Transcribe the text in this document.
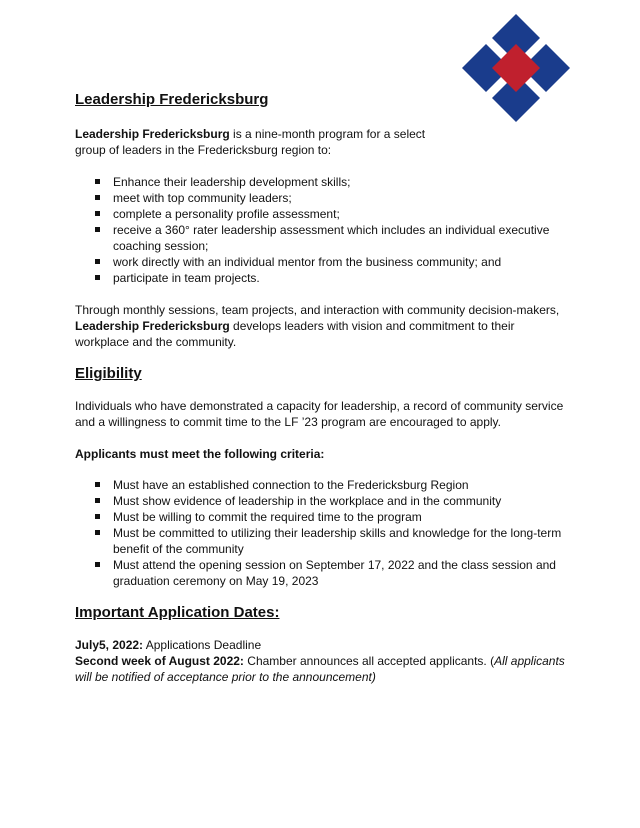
Leadership Fredericksburg

Leadership Fredericksburg is a nine-month program for a select
group of leaders in the Fredericksburg region to:

Enhance their leadership development skills;
meet with top community leaders;
complete a personality profile assessment;
receive a 360° rater leadership assessment which includes an individual executive coaching session;
work directly with an individual mentor from the business community; and
participate in team projects.

Through monthly sessions, team projects, and interaction with community decision-makers, Leadership Fredericksburg develops leaders with vision and commitment to their workplace and the community.

Eligibility

Individuals who have demonstrated a capacity for leadership, a record of community service and a willingness to commit time to the LF ’23 program are encouraged to apply.

Applicants must meet the following criteria:

Must have an established connection to the Fredericksburg Region
Must show evidence of leadership in the workplace and in the community
Must be willing to commit the required time to the program
Must be committed to utilizing their leadership skills and knowledge for the long-term benefit of the community
Must attend the opening session on September 17, 2022 and the class session and graduation ceremony on May 19, 2023
Important Application Dates:

July5, 2022: Applications Deadline

Second week of August 2022: Chamber announces all accepted applicants. (All applicants will be notified of acceptance prior to the announcement)
